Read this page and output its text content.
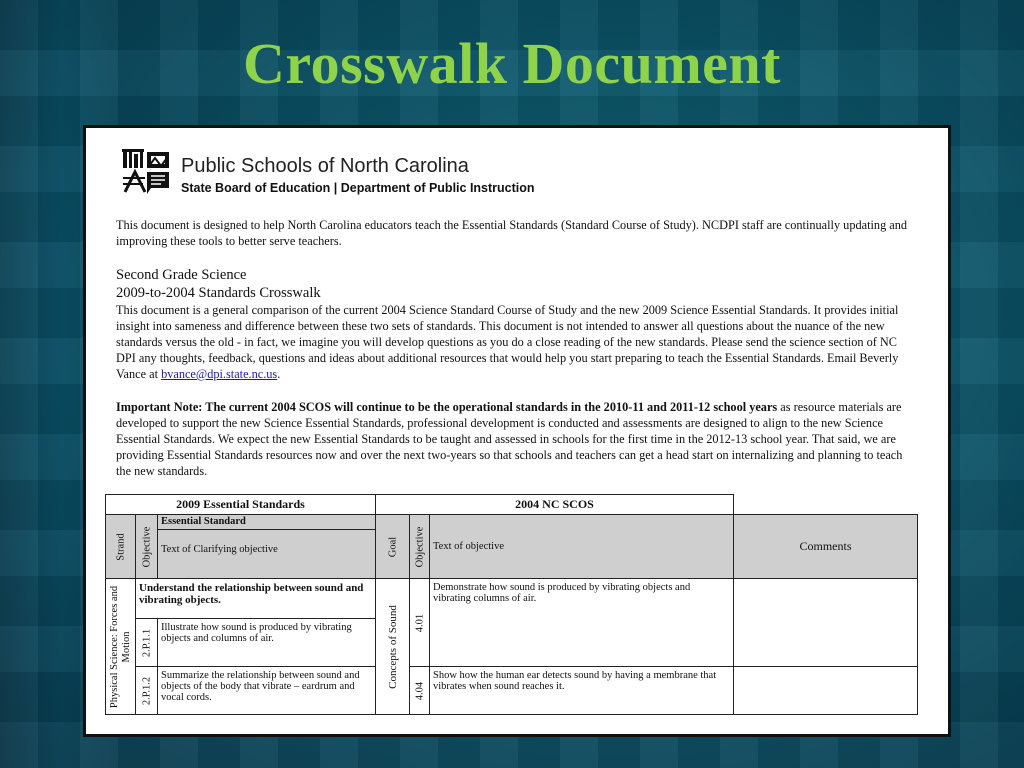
Crosswalk Document
Public Schools of North Carolina
State Board of Education | Department of Public Instruction
This document is designed to help North Carolina educators teach the Essential Standards (Standard Course of Study). NCDPI staff are continually updating and improving these tools to better serve teachers.
Second Grade Science
2009-to-2004 Standards Crosswalk
This document is a general comparison of the current 2004 Science Standard Course of Study and the new 2009 Science Essential Standards. It provides initial insight into sameness and difference between these two sets of standards. This document is not intended to answer all questions about the nuance of the new standards versus the old - in fact, we imagine you will develop questions as you do a close reading of the new standards. Please send the science section of NC DPI any thoughts, feedback, questions and ideas about additional resources that would help you start preparing to teach the Essential Standards. Email Beverly Vance at bvance@dpi.state.nc.us.
Important Note: The current 2004 SCOS will continue to be the operational standards in the 2010-11 and 2011-12 school years as resource materials are developed to support the new Science Essential Standards, professional development is conducted and assessments are designed to align to the new Science Essential Standards. We expect the new Essential Standards to be taught and assessed in schools for the first time in the 2012-13 school year. That said, we are providing Essential Standards resources now and over the next two-years so that schools and teachers can get a head start on internalizing and planning to teach the new standards.
2009 Essential Standards			2004 NC SCOS			

Strand	Objective	Essential Standard
Text of Clarifying objective	Goal	Objective	Text of objective	Comments

Physical Science: Forces and Motion	Understand the relationship between sound and vibrating objects.		Concepts of Sound	4.01	Demonstrate how sound is produced by vibrating objects and vibrating columns of air.	

	2.P.1.1	Illustrate how sound is produced by vibrating objects and columns of air.				

	2.P.1.2	Summarize the relationship between sound and objects of the body that vibrate – eardrum and vocal cords.		4.04	Show how the human ear detects sound by having a membrane that vibrates when sound reaches it.	
